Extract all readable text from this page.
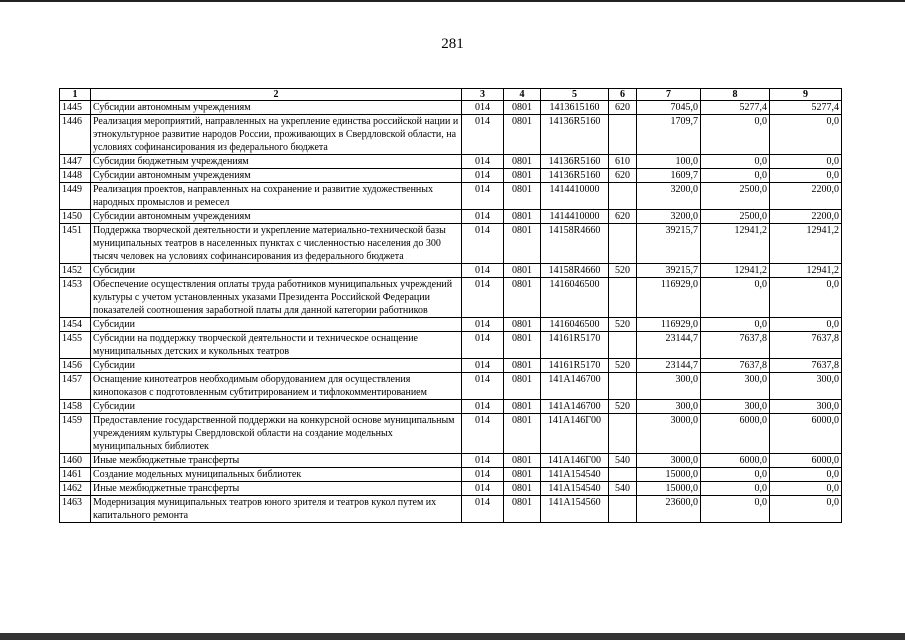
281
1	2	3	4	5	6	7	8	9
1445	Субсидии автономным учреждениям	014	0801	1413615160	620	7045,0	5277,4	5277,4
1446	Реализация мероприятий, направленных на укрепление единства российской нации и этнокультурное развитие народов России, проживающих в Свердловской области, на условиях софинансирования из федерального бюджета	014	0801	14136R5160		1709,7	0,0	0,0
1447	Субсидии бюджетным учреждениям	014	0801	14136R5160	610	100,0	0,0	0,0
1448	Субсидии автономным учреждениям	014	0801	14136R5160	620	1609,7	0,0	0,0
1449	Реализация проектов, направленных на сохранение и развитие художественных народных промыслов и ремесел	014	0801	1414410000		3200,0	2500,0	2200,0
1450	Субсидии автономным учреждениям	014	0801	1414410000	620	3200,0	2500,0	2200,0
1451	Поддержка творческой деятельности и укрепление материально-технической базы муниципальных театров в населенных пунктах с численностью населения до 300 тысяч человек на условиях софинансирования из федерального бюджета	014	0801	14158R4660		39215,7	12941,2	12941,2
1452	Субсидии	014	0801	14158R4660	520	39215,7	12941,2	12941,2
1453	Обеспечение осуществления оплаты труда работников муниципальных учреждений культуры с учетом установленных указами Президента Российской Федерации показателей соотношения заработной платы для данной категории работников	014	0801	1416046500		116929,0	0,0	0,0
1454	Субсидии	014	0801	1416046500	520	116929,0	0,0	0,0
1455	Субсидии на поддержку творческой деятельности и техническое оснащение муниципальных детских и кукольных театров	014	0801	14161R5170		23144,7	7637,8	7637,8
1456	Субсидии	014	0801	14161R5170	520	23144,7	7637,8	7637,8
1457	Оснащение кинотеатров необходимым оборудованием для осуществления кинопоказов с подготовленным субтитрированием и тифлокомментированием	014	0801	141A146700		300,0	300,0	300,0
1458	Субсидии	014	0801	141A146700	520	300,0	300,0	300,0
1459	Предоставление государственной поддержки на конкурсной основе муниципальным учреждениям культуры Свердловской области на создание модельных муниципальных библиотек	014	0801	141A146Г00		3000,0	6000,0	6000,0
1460	Иные межбюджетные трансферты	014	0801	141A146Г00	540	3000,0	6000,0	6000,0
1461	Создание модельных муниципальных библиотек	014	0801	141A154540		15000,0	0,0	0,0
1462	Иные межбюджетные трансферты	014	0801	141A154540	540	15000,0	0,0	0,0
1463	Модернизация муниципальных театров юного зрителя и театров кукол путем их капитального ремонта	014	0801	141A154560		23600,0	0,0	0,0
